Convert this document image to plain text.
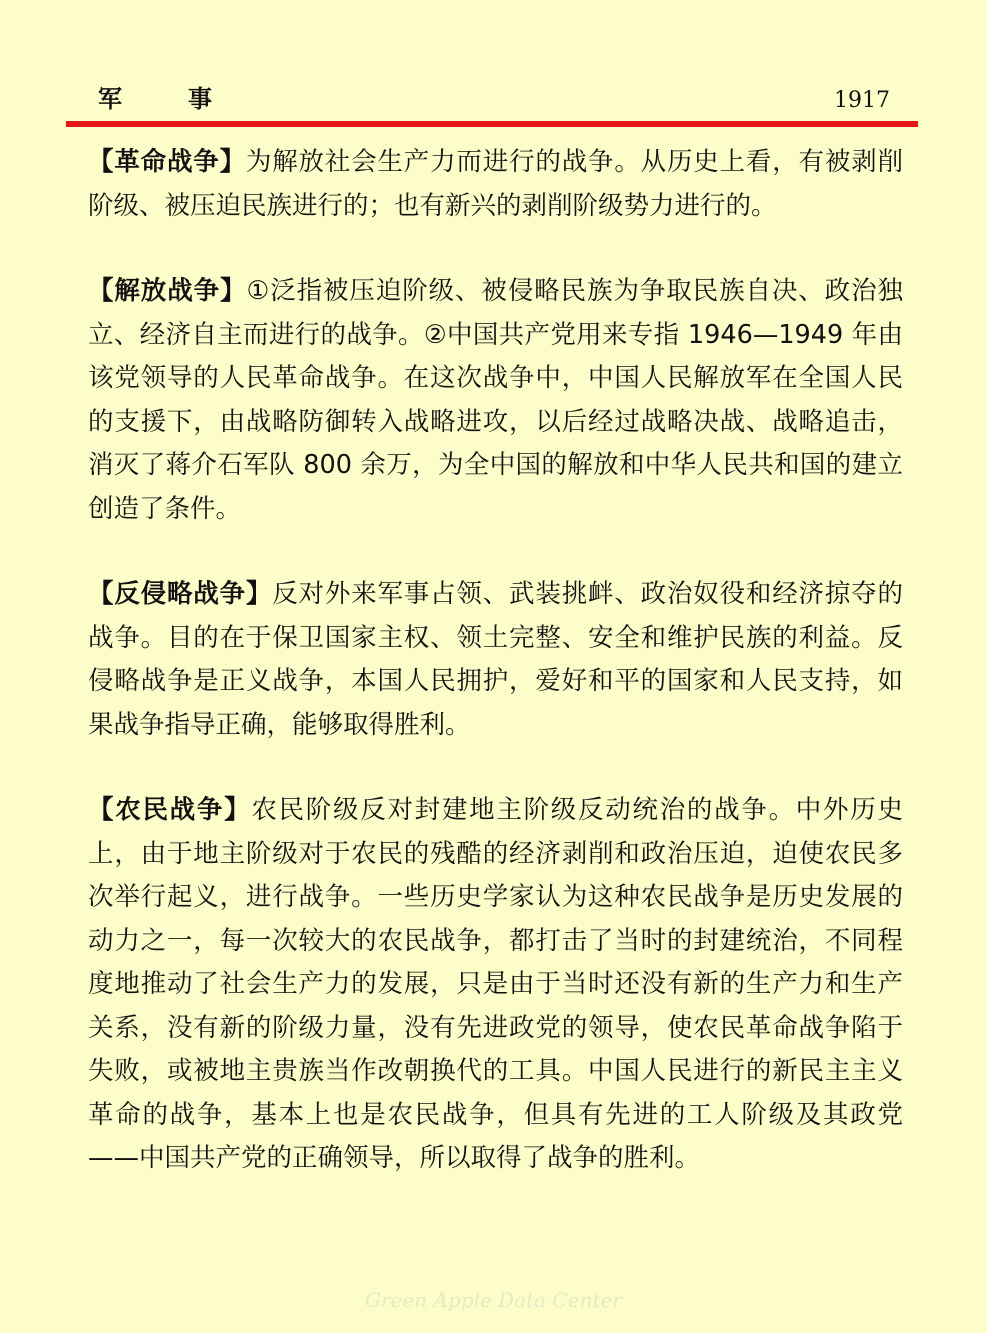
军事	1917

【革命战争】为解放社会生产力而进行的战争。从历史上看，有被剥削阶级、被压迫民族进行的；也有新兴的剥削阶级势力进行的。

【解放战争】①泛指被压迫阶级、被侵略民族为争取民族自决、政治独立、经济自主而进行的战争。②中国共产党用来专指 1946—1949 年由该党领导的人民革命战争。在这次战争中，中国人民解放军在全国人民的支援下，由战略防御转入战略进攻，以后经过战略决战、战略追击，消灭了蒋介石军队 800 余万，为全中国的解放和中华人民共和国的建立创造了条件。

【反侵略战争】反对外来军事占领、武装挑衅、政治奴役和经济掠夺的战争。目的在于保卫国家主权、领土完整、安全和维护民族的利益。反侵略战争是正义战争，本国人民拥护，爱好和平的国家和人民支持，如果战争指导正确，能够取得胜利。

【农民战争】农民阶级反对封建地主阶级反动统治的战争。中外历史上，由于地主阶级对于农民的残酷的经济剥削和政治压迫，迫使农民多次举行起义，进行战争。一些历史学家认为这种农民战争是历史发展的动力之一，每一次较大的农民战争，都打击了当时的封建统治，不同程度地推动了社会生产力的发展，只是由于当时还没有新的生产力和生产关系，没有新的阶级力量，没有先进政党的领导，使农民革命战争陷于失败，或被地主贵族当作改朝换代的工具。中国人民进行的新民主主义革命的战争，基本上也是农民战争，但具有先进的工人阶级及其政党——中国共产党的正确领导，所以取得了战争的胜利。

Green Apple Data Center
